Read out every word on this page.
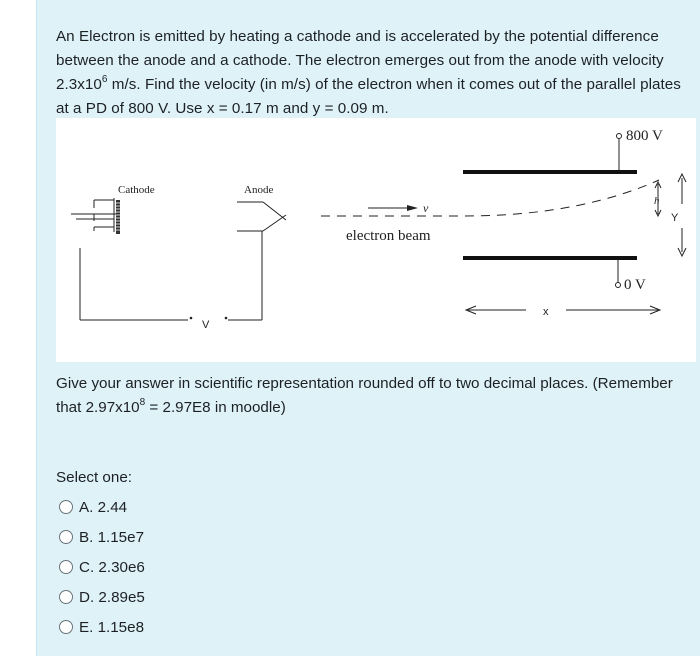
An Electron is emitted by heating a cathode and is accelerated by the potential difference between the anode and a cathode. The electron emerges out from the anode with velocity $2.3x10^6$ m/s. Find the velocity (in m/s) of the electron when it comes out of the parallel plates at a PD of 800 V. Use x = 0.17 m and y = 0.09 m.
800 V
0 V
Cathode	Anode
v
electron beam
h
Y
x
V
Give your answer in scientific representation rounded off to two decimal places. (Remember that $2.97x10^8 = 2.97E8$ in moodle)
Select one:
A. 2.44
B. 1.15e7
C. 2.30e6
D. 2.89e5
E. 1.15e8
